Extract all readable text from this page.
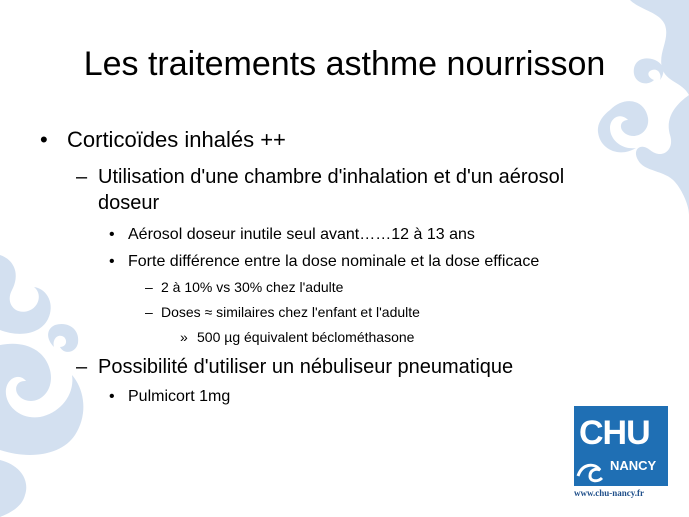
Les traitements asthme nourrisson
• Corticoïdes inhalés ++
– Utilisation d'une chambre d'inhalation et d'un aérosol
doseur
• Aérosol doseur inutile seul avant……12 à 13 ans
• Forte différence entre la dose nominale et la dose efficace
– 2 à 10% vs 30% chez l'adulte
– Doses ≈ similaires chez l'enfant et l'adulte
» 500 µg équivalent béclométhasone
– Possibilité d'utiliser un nébuliseur pneumatique
• Pulmicort 1mg
CHU
NANCY
www.chu-nancy.fr
